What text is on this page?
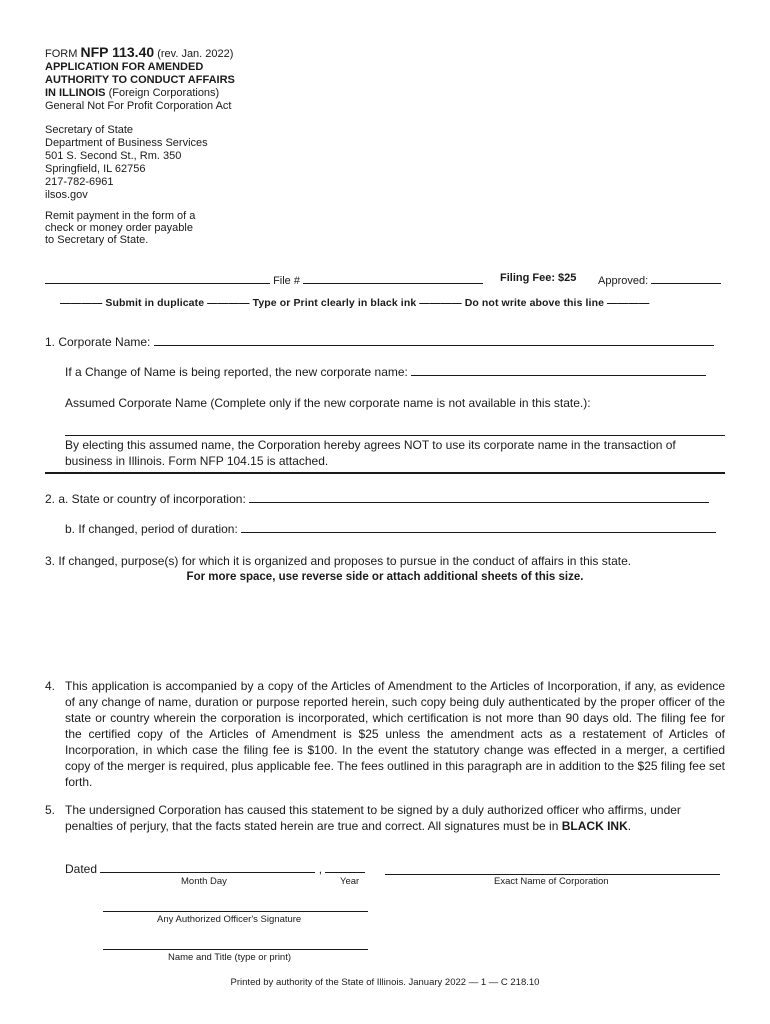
FORM NFP 113.40 (rev. Jan. 2022)
APPLICATION FOR AMENDED
AUTHORITY TO CONDUCT AFFAIRS
IN ILLINOIS (Foreign Corporations)
General Not For Profit Corporation Act
Secretary of State
Department of Business Services
501 S. Second St., Rm. 350
Springfield, IL 62756
217-782-6961
ilsos.gov
Remit payment in the form of a
check or money order payable
to Secretary of State.
File #	Filing Fee: $25 Approved:
———— Submit in duplicate ———— Type or Print clearly in black ink ———— Do not write above this line ————
1. Corporate Name:
If a Change of Name is being reported, the new corporate name:
Assumed Corporate Name (Complete only if the new corporate name is not available in this state.):
By electing this assumed name, the Corporation hereby agrees NOT to use its corporate name in the transaction of
business in Illinois. Form NFP 104.15 is attached.
2. a. State or country of incorporation:
b. If changed, period of duration:
3. If changed, purpose(s) for which it is organized and proposes to pursue in the conduct of affairs in this state.
For more space, use reverse side or attach additional sheets of this size.
4. This application is accompanied by a copy of the Articles of Amendment to the Articles of Incorporation, if any, as evidence of any change of name, duration or purpose reported herein, such copy being duly authenticated by the proper officer of the state or country wherein the corporation is incorporated, which certification is not more than 90 days old. The filing fee for the certified copy of the Articles of Amendment is $25 unless the amendment acts as a restatement of Articles of Incorporation, in which case the filing fee is $100. In the event the statutory change was effected in a merger, a certified copy of the merger is required, plus applicable fee. The fees outlined in this paragraph are in addition to the $25 filing fee set forth.
5. The undersigned Corporation has caused this statement to be signed by a duly authorized officer who affirms, under penalties of perjury, that the facts stated herein are true and correct. All signatures must be in BLACK INK.
Dated	,
Month Day	Year	Exact Name of Corporation
Any Authorized Officer's Signature
Name and Title (type or print)
Printed by authority of the State of Illinois. January 2022 — 1 — C 218.10
